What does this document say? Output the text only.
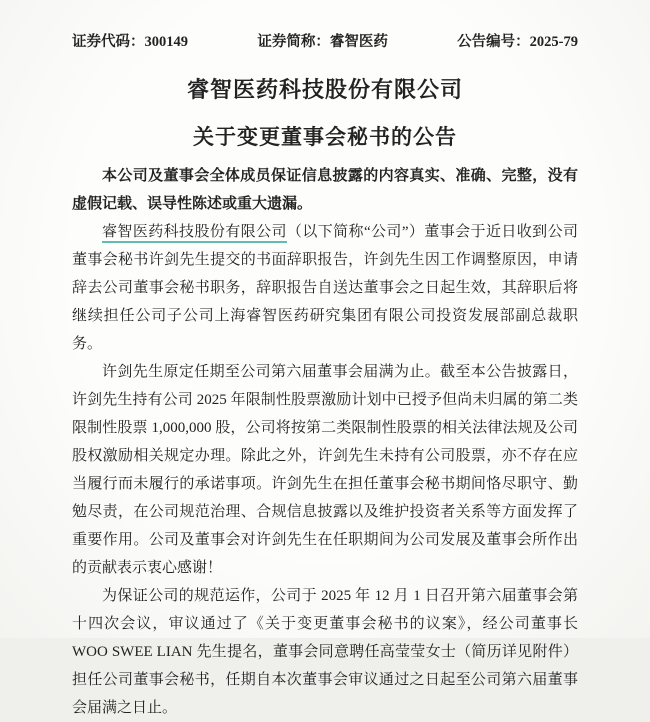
证券代码：300149	证券简称：睿智医药	公告编号：2025-79
睿智医药科技股份有限公司
关于变更董事会秘书的公告

本公司及董事会全体成员保证信息披露的内容真实、准确、完整，没有虚假记载、误导性陈述或重大遗漏。

睿智医药科技股份有限公司（以下简称“公司”）董事会于近日收到公司董事会秘书许剑先生提交的书面辞职报告，许剑先生因工作调整原因，申请辞去公司董事会秘书职务，辞职报告自送达董事会之日起生效，其辞职后将继续担任公司子公司上海睿智医药研究集团有限公司投资发展部副总裁职务。

许剑先生原定任期至公司第六届董事会届满为止。截至本公告披露日，许剑先生持有公司 2025 年限制性股票激励计划中已授予但尚未归属的第二类限制性股票 1,000,000 股，公司将按第二类限制性股票的相关法律法规及公司股权激励相关规定办理。除此之外，许剑先生未持有公司股票，亦不存在应当履行而未履行的承诺事项。许剑先生在担任董事会秘书期间恪尽职守、勤勉尽责，在公司规范治理、合规信息披露以及维护投资者关系等方面发挥了重要作用。公司及董事会对许剑先生在任职期间为公司发展及董事会所作出的贡献表示衷心感谢！

为保证公司的规范运作，公司于 2025 年 12 月 1 日召开第六届董事会第十四次会议，审议通过了《关于变更董事会秘书的议案》，经公司董事长 WOO SWEE LIAN 先生提名，董事会同意聘任高莹莹女士（简历详见附件）担任公司董事会秘书，任期自本次董事会审议通过之日起至公司第六届董事会届满之日止。
